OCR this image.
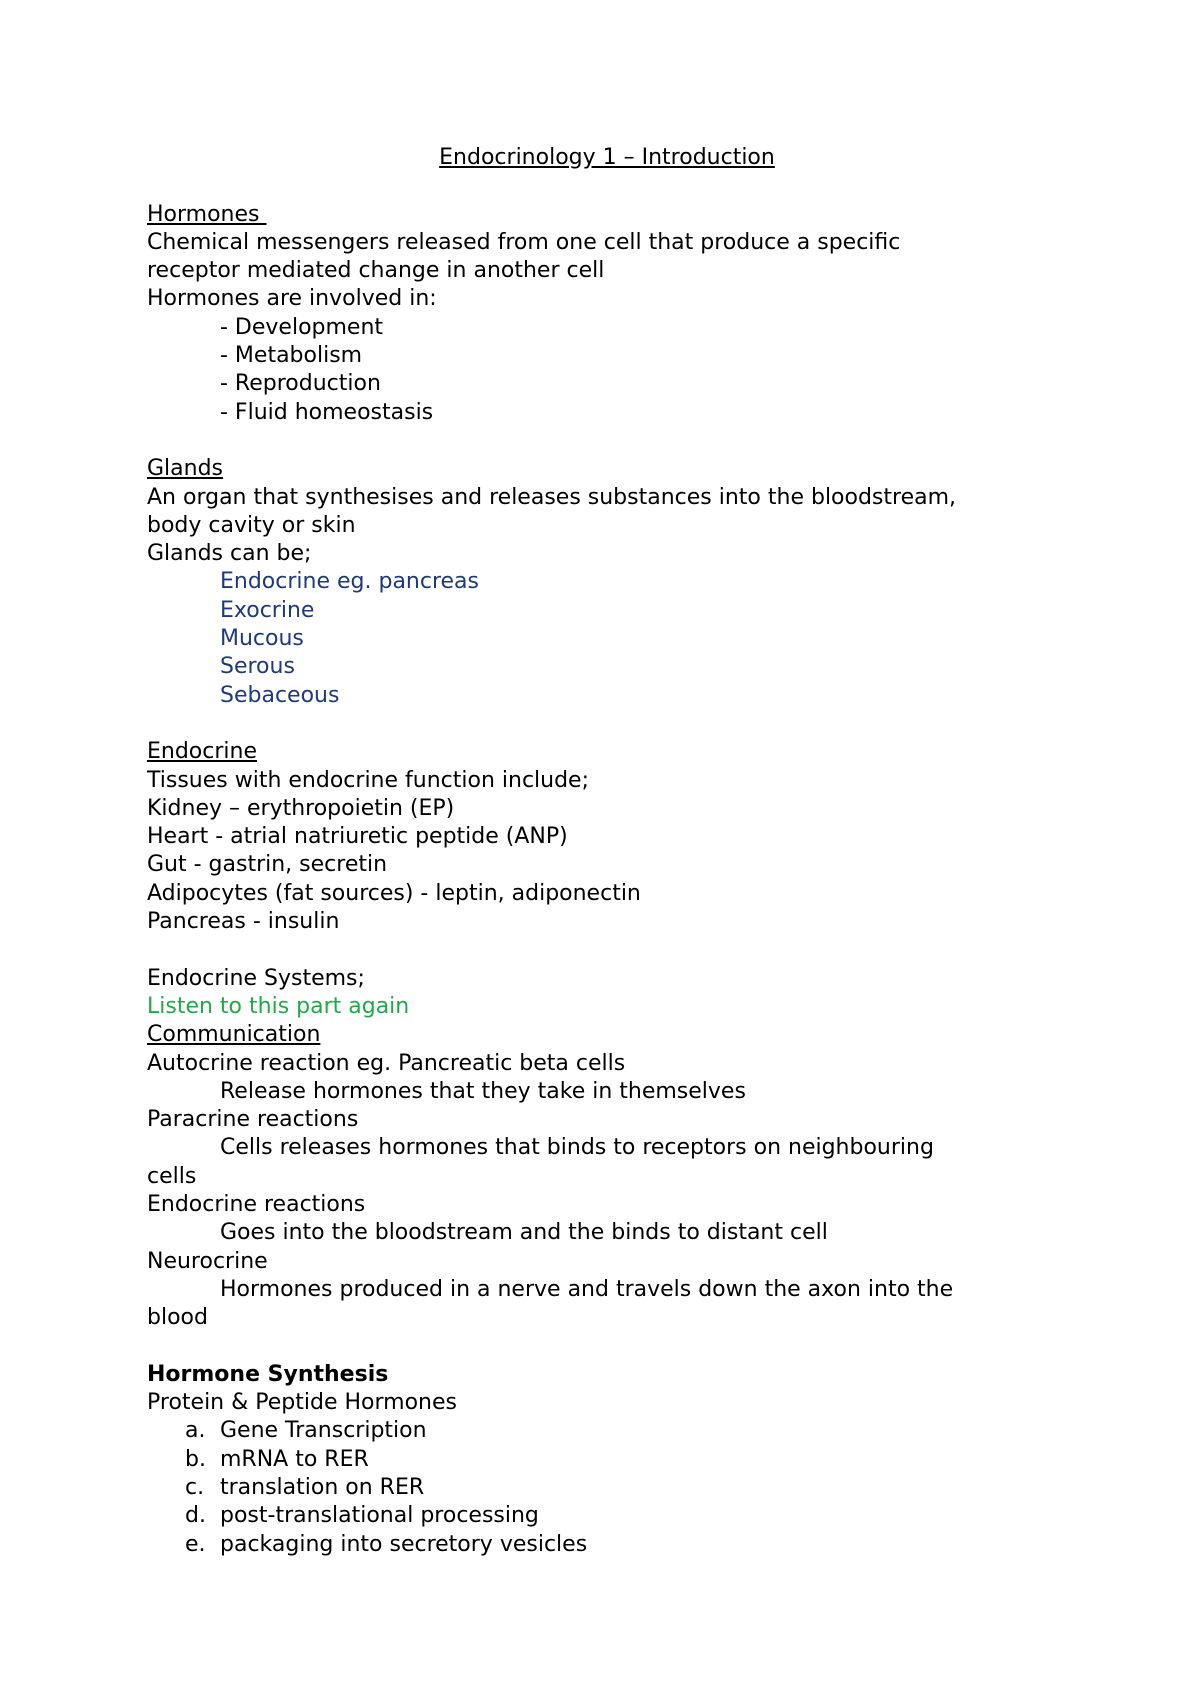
Endocrinology 1 – Introduction
Hormones
Chemical messengers released from one cell that produce a specific
receptor mediated change in another cell
Hormones are involved in:
- Development
- Metabolism
- Reproduction
- Fluid homeostasis
Glands
An organ that synthesises and releases substances into the bloodstream,
body cavity or skin
Glands can be;
Endocrine eg. pancreas
Exocrine
Mucous
Serous
Sebaceous
Endocrine
Tissues with endocrine function include;
Kidney – erythropoietin (EP)
Heart - atrial natriuretic peptide (ANP)
Gut - gastrin, secretin
Adipocytes (fat sources) - leptin, adiponectin
Pancreas - insulin
Endocrine Systems;
Listen to this part again
Communication
Autocrine reaction eg. Pancreatic beta cells
Release hormones that they take in themselves
Paracrine reactions
Cells releases hormones that binds to receptors on neighbouring
cells
Endocrine reactions
Goes into the bloodstream and the binds to distant cell
Neurocrine
Hormones produced in a nerve and travels down the axon into the
blood
Hormone Synthesis
Protein & Peptide Hormones
a. Gene Transcription
b. mRNA to RER
c. translation on RER
d. post-translational processing
e. packaging into secretory vesicles
